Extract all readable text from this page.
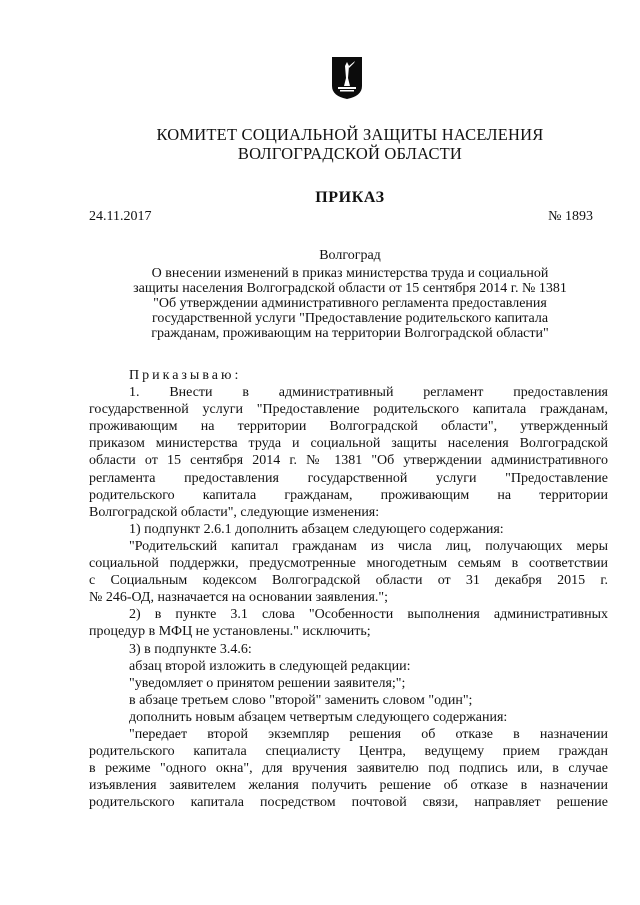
КОМИТЕТ СОЦИАЛЬНОЙ ЗАЩИТЫ НАСЕЛЕНИЯ
ВОЛГОГРАДСКОЙ ОБЛАСТИ
ПРИКАЗ
24.11.2017	№ 1893
Волгоград
О внесении изменений в приказ министерства труда и социальной
защиты населения Волгоградской области от 15 сентября 2014 г. № 1381
"Об утверждении административного регламента предоставления
государственной услуги "Предоставление родительского капитала
гражданам, проживающим на территории Волгоградской области"

Приказываю:

1. Внести в административный регламент предоставления

государственной услуги "Предоставление родительского капитала гражданам,

проживающим на территории Волгоградской области", утвержденный

приказом министерства труда и социальной защиты населения Волгоградской

области от 15 сентября 2014 г. № 1381 "Об утверждении административного

регламента предоставления государственной услуги "Предоставление

родительского капитала гражданам, проживающим на территории

Волгоградской области", следующие изменения:

1) подпункт 2.6.1 дополнить абзацем следующего содержания:

"Родительский капитал гражданам из числа лиц, получающих меры

социальной поддержки, предусмотренные многодетным семьям в соответствии

с Социальным кодексом Волгоградской области от 31 декабря 2015 г.

№ 246-ОД, назначается на основании заявления.";

2) в пункте 3.1 слова "Особенности выполнения административных

процедур в МФЦ не установлены." исключить;

3) в подпункте 3.4.6:

абзац второй изложить в следующей редакции:

"уведомляет о принятом решении заявителя;";

в абзаце третьем слово "второй" заменить словом "один";

дополнить новым абзацем четвертым следующего содержания:

"передает второй экземпляр решения об отказе в назначении

родительского капитала специалисту Центра, ведущему прием граждан

в режиме "одного окна", для вручения заявителю под подпись или, в случае

изъявления заявителем желания получить решение об отказе в назначении

родительского капитала посредством почтовой связи, направляет решение
